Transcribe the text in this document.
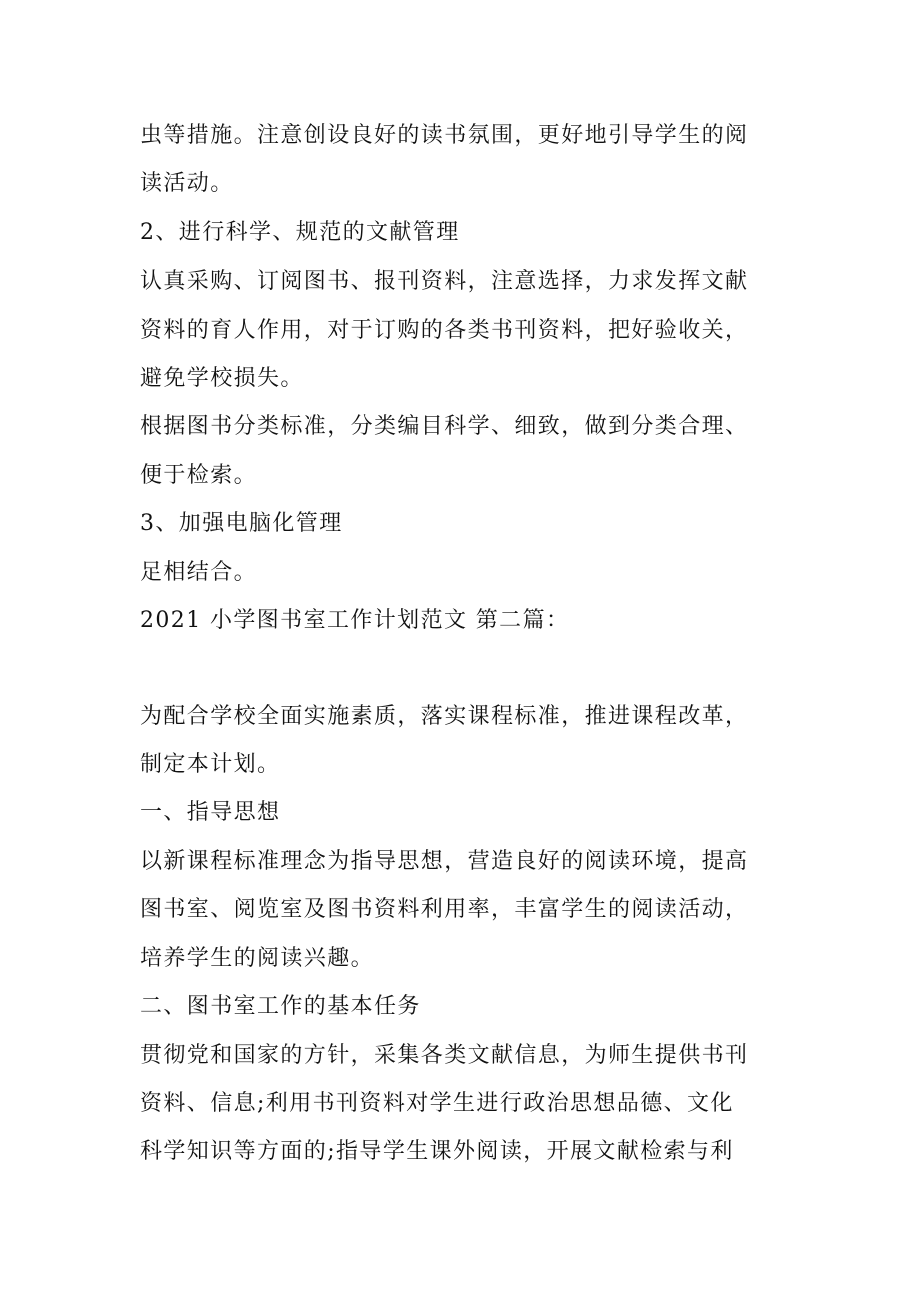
虫等措施。注意创设良好的读书氛围，更好地引导学生的阅

读活动。

2、进行科学、规范的文献管理

认真采购、订阅图书、报刊资料，注意选择，力求发挥文献

资料的育人作用，对于订购的各类书刊资料，把好验收关，

避免学校损失。

根据图书分类标准，分类编目科学、细致，做到分类合理、

便于检索。

3、加强电脑化管理

足相结合。

2021 小学图书室工作计划范文 第二篇：

为配合学校全面实施素质，落实课程标准，推进课程改革，

制定本计划。

一、指导思想

以新课程标准理念为指导思想，营造良好的阅读环境，提高

图书室、阅览室及图书资料利用率，丰富学生的阅读活动，

培养学生的阅读兴趣。

二、图书室工作的基本任务

贯彻党和国家的方针，采集各类文献信息，为师生提供书刊

资料、信息;利用书刊资料对学生进行政治思想品德、文化

科学知识等方面的;指导学生课外阅读，开展文献检索与利
